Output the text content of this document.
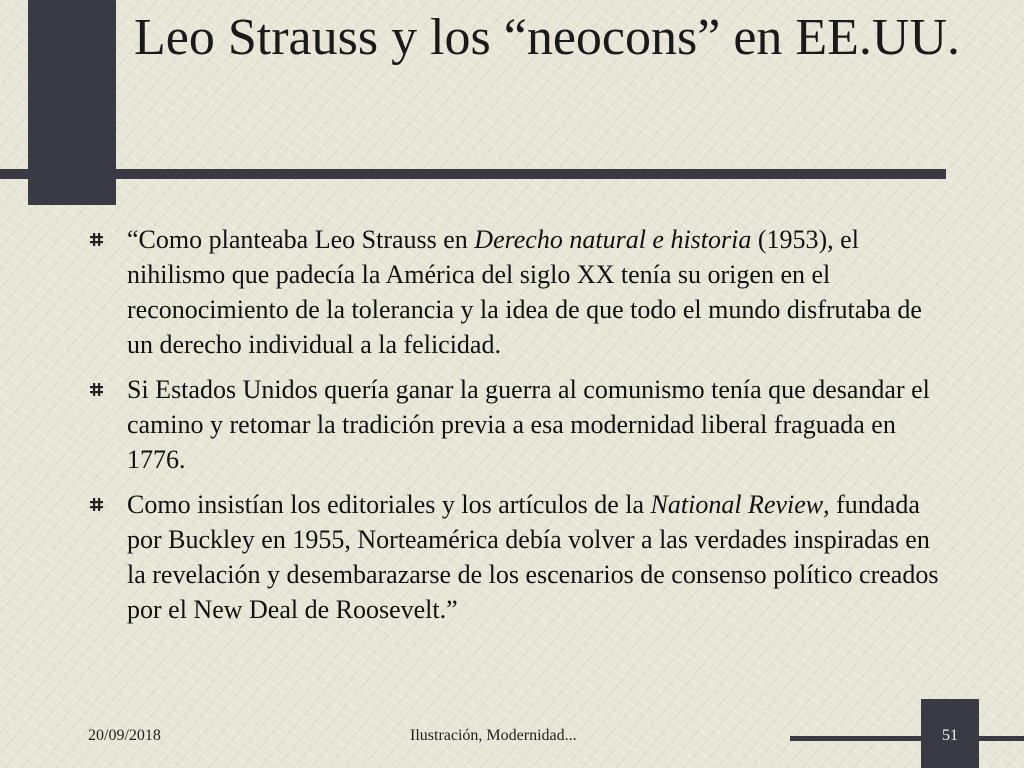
Leo Strauss y los “neocons” en EE.UU.
“Como planteaba Leo Strauss en Derecho natural e historia (1953), el nihilismo que padecía la América del siglo XX tenía su origen en el reconocimiento de la tolerancia y la idea de que todo el mundo disfrutaba de un derecho individual a la felicidad.
Si Estados Unidos quería ganar la guerra al comunismo tenía que desandar el camino y retomar la tradición previa a esa modernidad liberal fraguada en 1776.
Como insistían los editoriales y los artículos de la National Review, fundada por Buckley en 1955, Norteamérica debía volver a las verdades inspiradas en la revelación y desembarazarse de los escenarios de consenso político creados por el New Deal de Roosevelt.”
20/09/2018	Ilustración, Modernidad...	51
